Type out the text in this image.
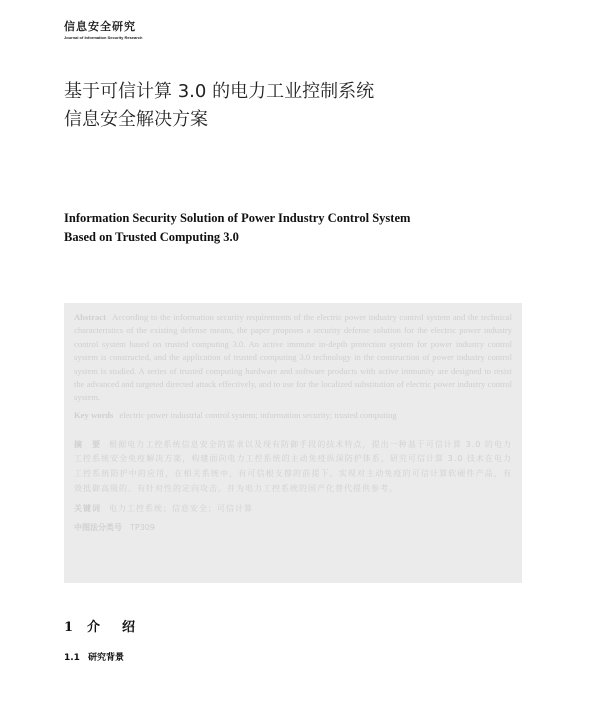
信息安全研究
Journal of Information Security Research
基于可信计算 3.0 的电力工业控制系统
信息安全解决方案
Information Security Solution of Power Industry Control System
Based on Trusted Computing 3.0
Abstract According to the information security requirements of the electric power industry control system and the technical characteristics of the existing defense means, the paper proposes a security defense solution for the electric power industry control system based on trusted computing 3.0. An active immune in-depth protection system for power industry control system is constructed, and the application of trusted computing 3.0 technology in the construction of power industry control system is studied. A series of trusted computing hardware and software products with active immunity are designed to resist the advanced and targeted directed attack effectively, and to use for the localized substitution of electric power industry control system.
Key words electric power industrial control system; information security; trusted computing
摘　要 根据电力工控系统信息安全的需求以及现有防御手段的技术特点，提出一种基于可信计算 3.0 的电力工控系统安全免疫解决方案，构建面向电力工控系统的主动免疫纵深防护体系，研究可信计算 3.0 技术在电力工控系统防护中的应用，在相关系统中，有可信根支撑的前提下，实现对主动免疫的可信计算软硬件产品，有效抵御高级的、有针对性的定向攻击，并为电力工控系统的国产化替代提供参考。
关键词 电力工控系统；信息安全；可信计算
中图法分类号 TP309
1 介绍
1.1 研究背景
